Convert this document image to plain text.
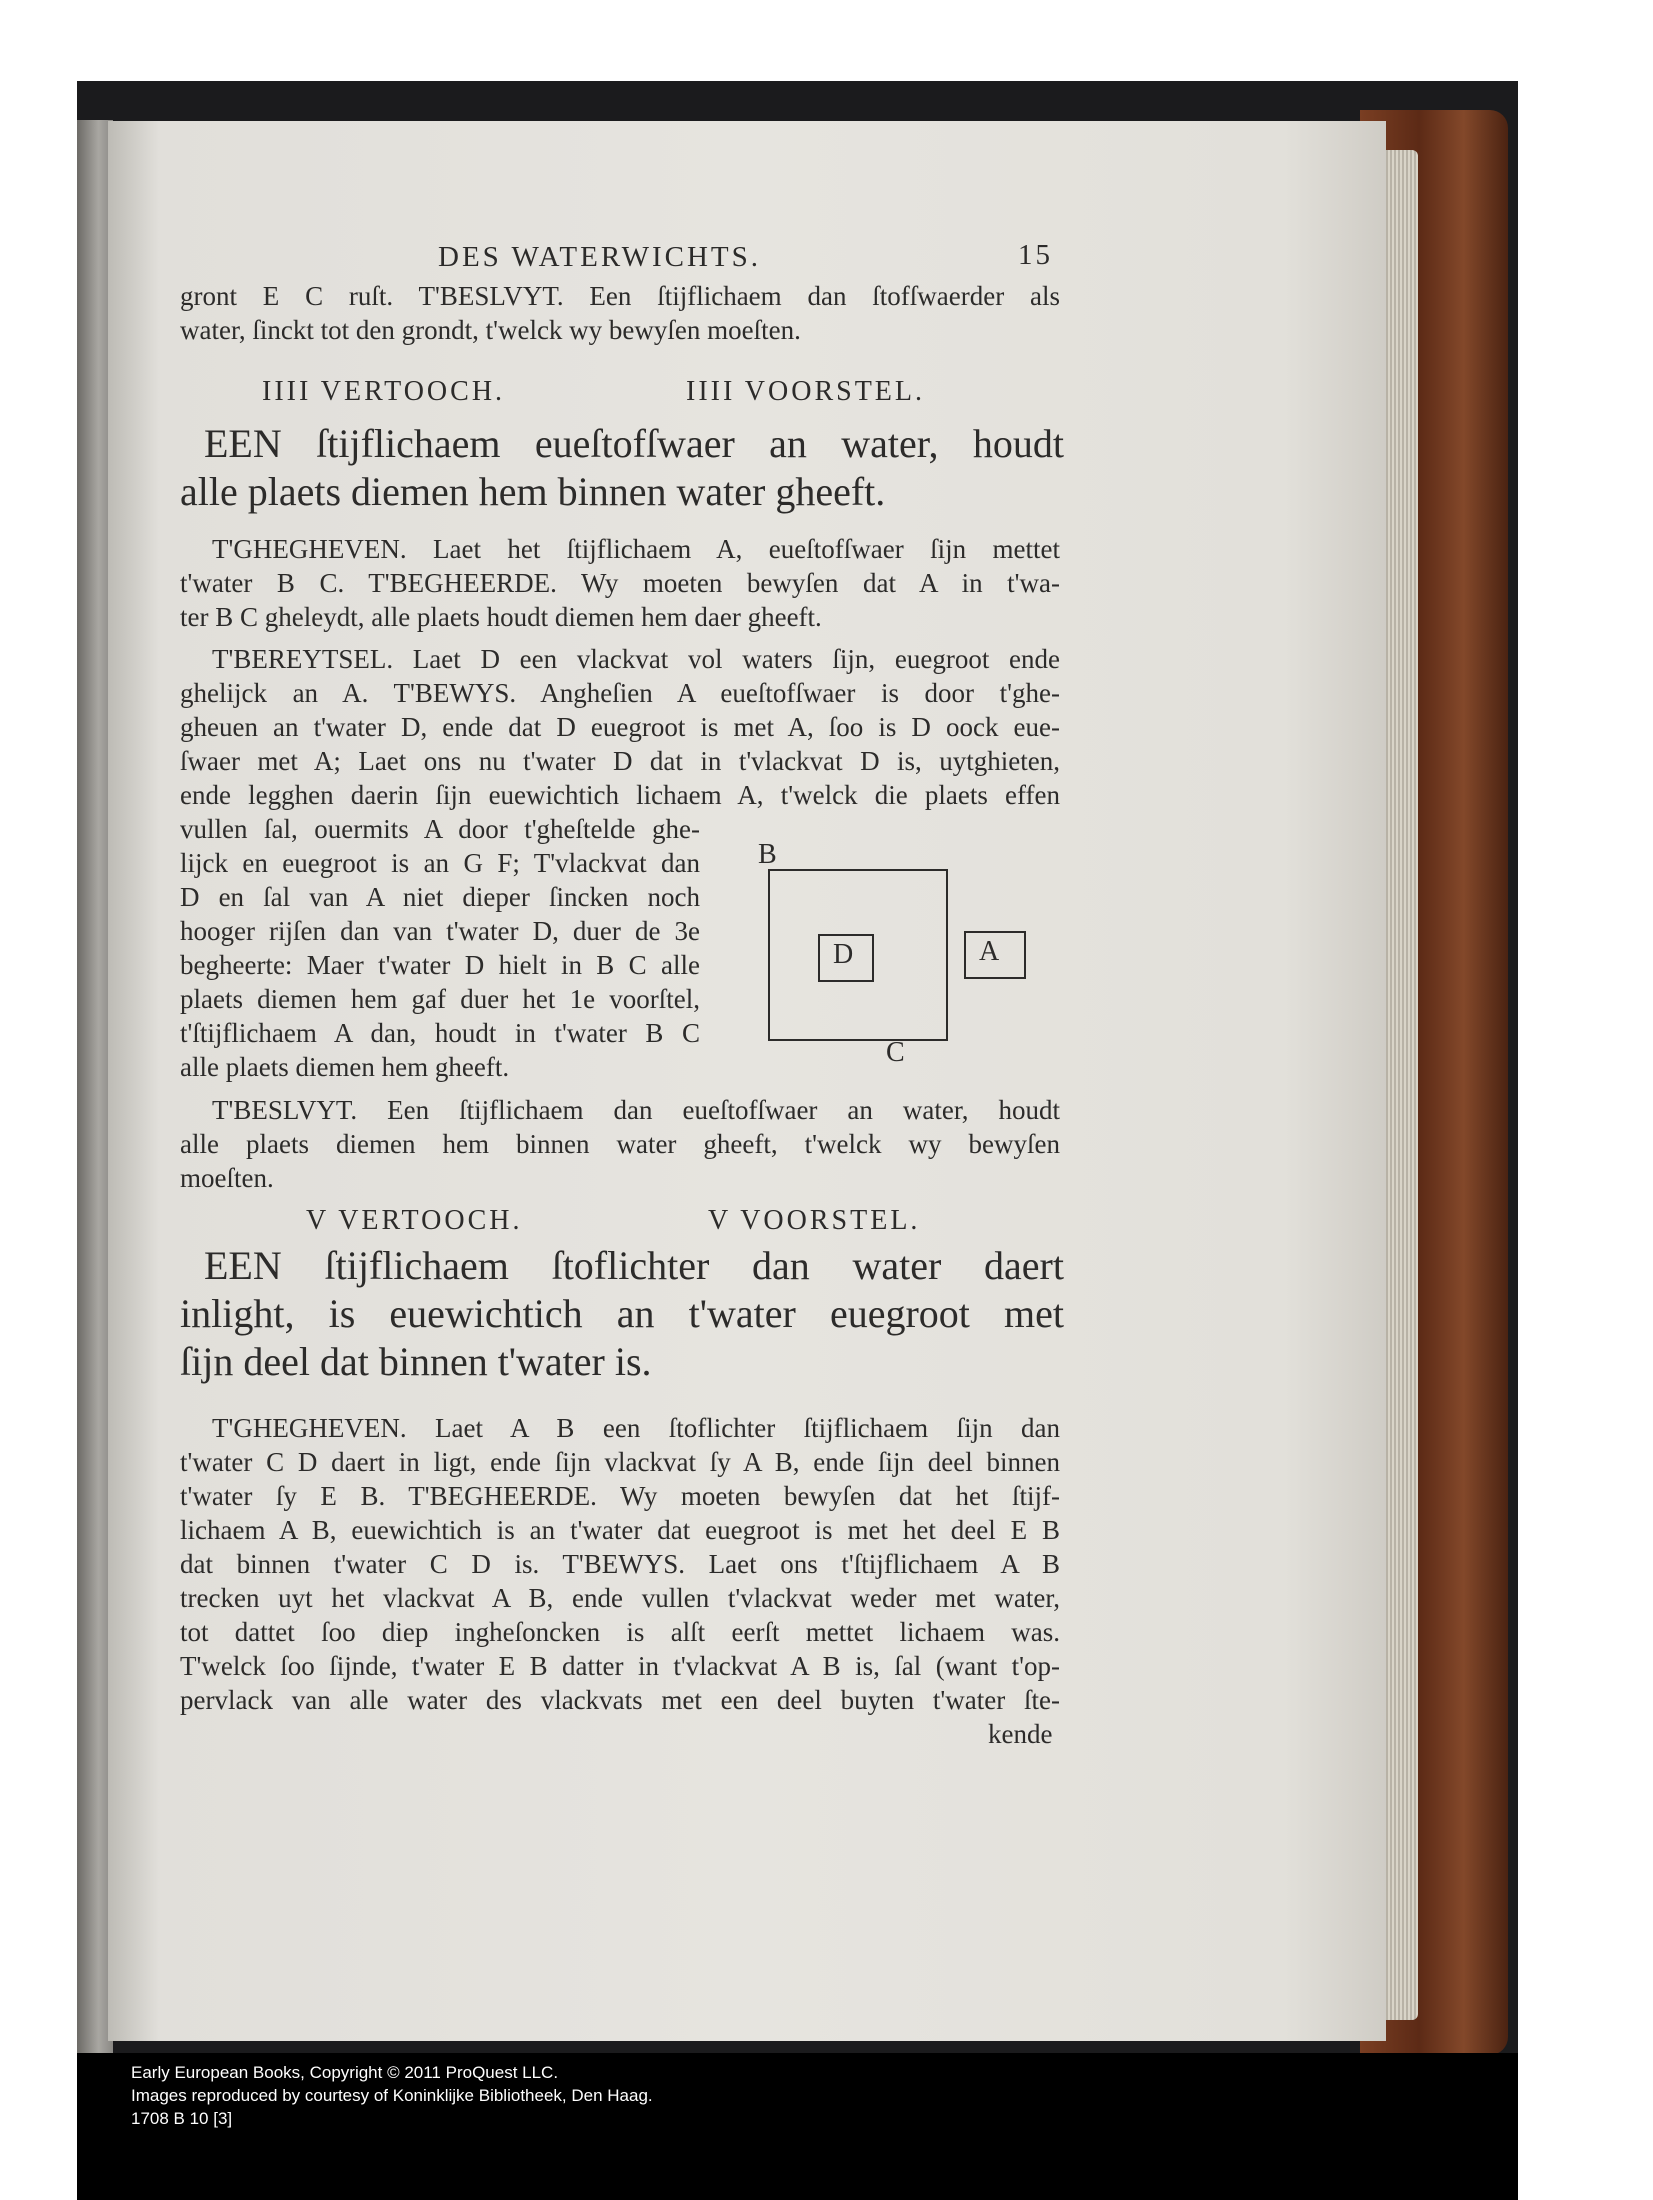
DES WATERWICHTS.	15
gront E C ruſt. T'BESLVYT. Een ſtijflichaem dan ſtofſwaerder als
water, ſinckt tot den grondt, t'welck wy bewyſen moeſten.
IIII VERTOOCH.	IIII VOORSTEL.
EEN ſtijflichaem eueſtofſwaer an water, houdt
alle plaets diemen hem binnen water gheeft.
T'GHEGHEVEN. Laet het ſtijflichaem A, eueſtofſwaer ſijn mettet
t'water B C. T'BEGHEERDE. Wy moeten bewyſen dat A in t'wa-
ter B C gheleydt, alle plaets houdt diemen hem daer gheeft.
T'BEREYTSEL. Laet D een vlackvat vol waters ſijn, euegroot ende
ghelijck an A. T'BEWYS. Angheſien A eueſtofſwaer is door t'ghe-
gheuen an t'water D, ende dat D euegroot is met A, ſoo is D oock eue-
ſwaer met A; Laet ons nu t'water D dat in t'vlackvat D is, uytghieten,
ende legghen daerin ſijn euewichtich lichaem A, t'welck die plaets effen
vullen ſal, ouermits A door t'gheſtelde ghe-
lijck en euegroot is an G F; T'vlackvat dan
D en ſal van A niet dieper ſincken noch
hooger rijſen dan van t'water D, duer de 3e
begheerte: Maer t'water D hielt in B C alle
plaets diemen hem gaf duer het 1e voorſtel,
t'ſtijflichaem A dan, houdt in t'water B C
alle plaets diemen hem gheeft.
B
D	A
C
T'BESLVYT. Een ſtijflichaem dan eueſtofſwaer an water, houdt
alle plaets diemen hem binnen water gheeft, t'welck wy bewyſen
moeſten.
V VERTOOCH.	V VOORSTEL.
EEN ſtijflichaem ſtoflichter dan water daert
inlight, is euewichtich an t'water euegroot met
ſijn deel dat binnen t'water is.
T'GHEGHEVEN. Laet A B een ſtoflichter ſtijflichaem ſijn dan
t'water C D daert in ligt, ende ſijn vlackvat ſy A B, ende ſijn deel binnen
t'water ſy E B. T'BEGHEERDE. Wy moeten bewyſen dat het ſtijf-
lichaem A B, euewichtich is an t'water dat euegroot is met het deel E B
dat binnen t'water C D is. T'BEWYS. Laet ons t'ſtijflichaem A B
trecken uyt het vlackvat A B, ende vullen t'vlackvat weder met water,
tot dattet ſoo diep ingheſoncken is alſt eerſt mettet lichaem was.
T'welck ſoo ſijnde, t'water E B datter in t'vlackvat A B is, ſal (want t'op-
pervlack van alle water des vlackvats met een deel buyten t'water ſte-
kende
Early European Books, Copyright © 2011 ProQuest LLC.
Images reproduced by courtesy of Koninklijke Bibliotheek, Den Haag.
1708 B 10 [3]
